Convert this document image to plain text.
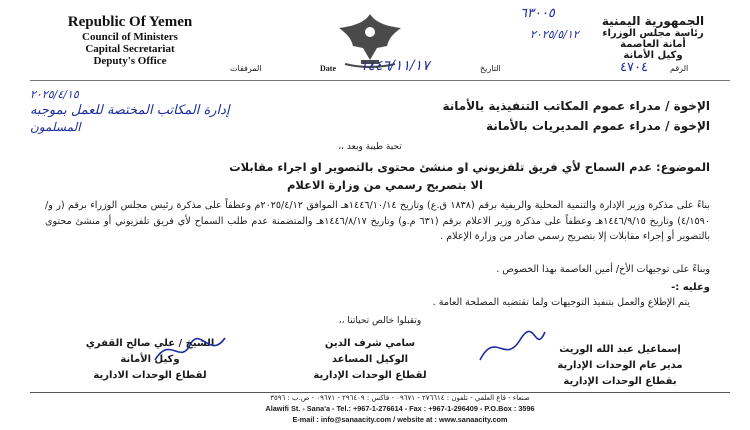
Republic Of Yemen
Council of Ministers
Capital Secretariat
Deputy's Office
الجمهورية اليمنية
رئاسة مجلس الوزراء
أمانة العاصمة
وكيل الأمانة
٦٣٠٠٥
٢٠٢٥/٥/١٢
المرفقات	Date	التاريخ	الرقم
٤٧٠٤
١٤٤٦/١١/١٧
٢٠٢٥/٤/١٥
إدارة المكاتب المختصة للعمل بموجبه
المسلمون
الإخوة / مدراء عموم المكاتب التنفيذية بالأمانة
الإخوة / مدراء عموم المديريات بالأمانة
تحية طيبة وبعد ،،
الموضوع: عدم السماح لأي فريق تلفزيوني او منشئ محتوى بالتصوير او اجراء مقابلات
الا بتصريح رسمي من وزارة الاعلام
بناءً على مذكرة وزير الإدارة والتنمية المحلية والريفية برقم (١٨٣٨ ق.ع) وتاريخ ١٤٤٦/١٠/١٤هـ الموافق ٢٠٢٥/٤/١٢م وعطفاً على مذكرة رئيس مجلس الوزراء برقم (ر و/٤/١٥٩٠) وتاريخ ١٤٤٦/٩/١٥هـ وعطفاً على مذكرة وزير الاعلام برقم (٦٣١ م.و) وتاريخ ١٤٤٦/٨/١٧هـ والمتضمنة عدم طلب السماح لأي فريق تلفزيوني أو منشئ محتوى بالتصوير أو إجراء مقابلات إلا بتصريح رسمي صادر من وزارة الإعلام .
وبناءً على توجيهات الأخ/ أمين العاصمة بهذا الخصوص .
وعليه :-
يتم الإطلاع والعمل بتنفيذ التوجيهات ولما تقتضيه المصلحة العامة .
وتقبلوا خالص تحياتنا ،،
الشيخ / علي صالح القفري
وكيل الأمانة
لقطاع الوحدات الادارية
سامي شرف الدين
الوكيل المساعد
لقطاع الوحدات الإدارية
إسماعيل عبد الله الوريث
مدير عام الوحدات الإدارية
بقطاع الوحدات الإدارية
صنعاء - قاع العلفي - تلفون : ٢٧٦٦١٤ - ٠٩٦٧١ - فاكس : ٢٩٦٤٠٩ - ٠٩٦٧١ - ص.ب : ٣٥٩٦
Alawifi St. - Sana'a - Tel.: +967-1-276614 - Fax : +967-1-296409 - P.O.Box : 3596
E-mail : info@sanaacity.com / website at : www.sanaacity.com
